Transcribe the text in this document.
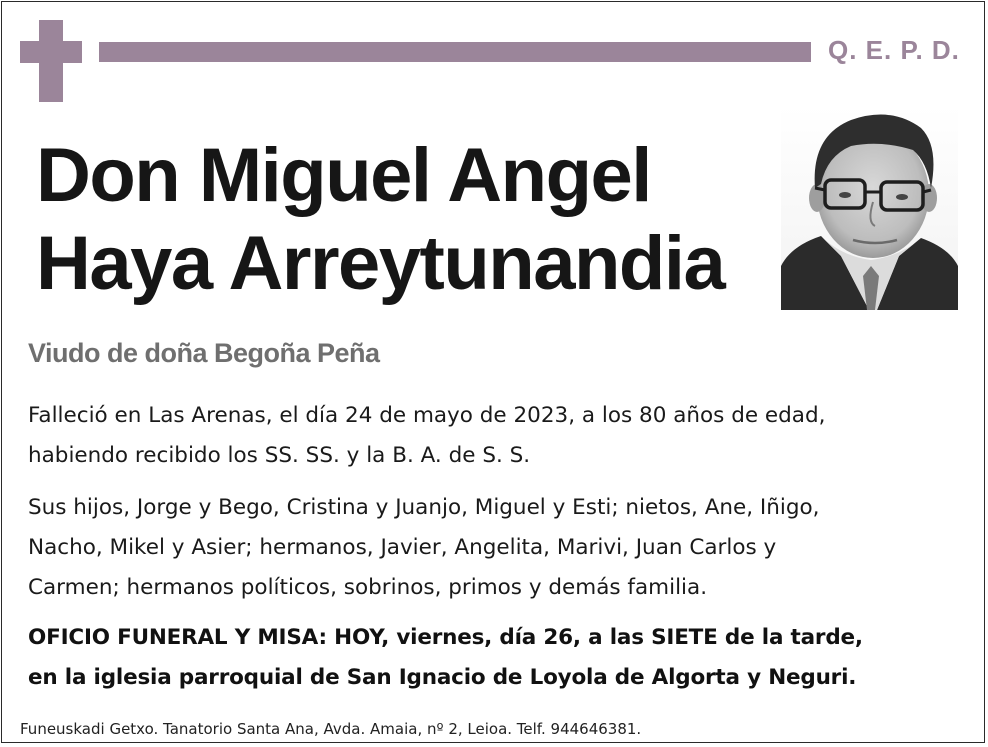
Q. E. P. D.
Don Miguel Angel
Haya Arreytunandia

Viudo de doña Begoña Peña

Falleció en Las Arenas, el día 24 de mayo de 2023, a los 80 años de edad,

habiendo recibido los SS. SS. y la B. A. de S. S.

Sus hijos, Jorge y Bego, Cristina y Juanjo, Miguel y Esti; nietos, Ane, Iñigo,

Nacho, Mikel y Asier; hermanos, Javier, Angelita, Marivi, Juan Carlos y

Carmen; hermanos políticos, sobrinos, primos y demás familia.

OFICIO FUNERAL Y MISA: HOY, viernes, día 26, a las SIETE de la tarde,

en la iglesia parroquial de San Ignacio de Loyola de Algorta y Neguri.

Funeuskadi Getxo. Tanatorio Santa Ana, Avda. Amaia, nº 2, Leioa. Telf. 944646381.
